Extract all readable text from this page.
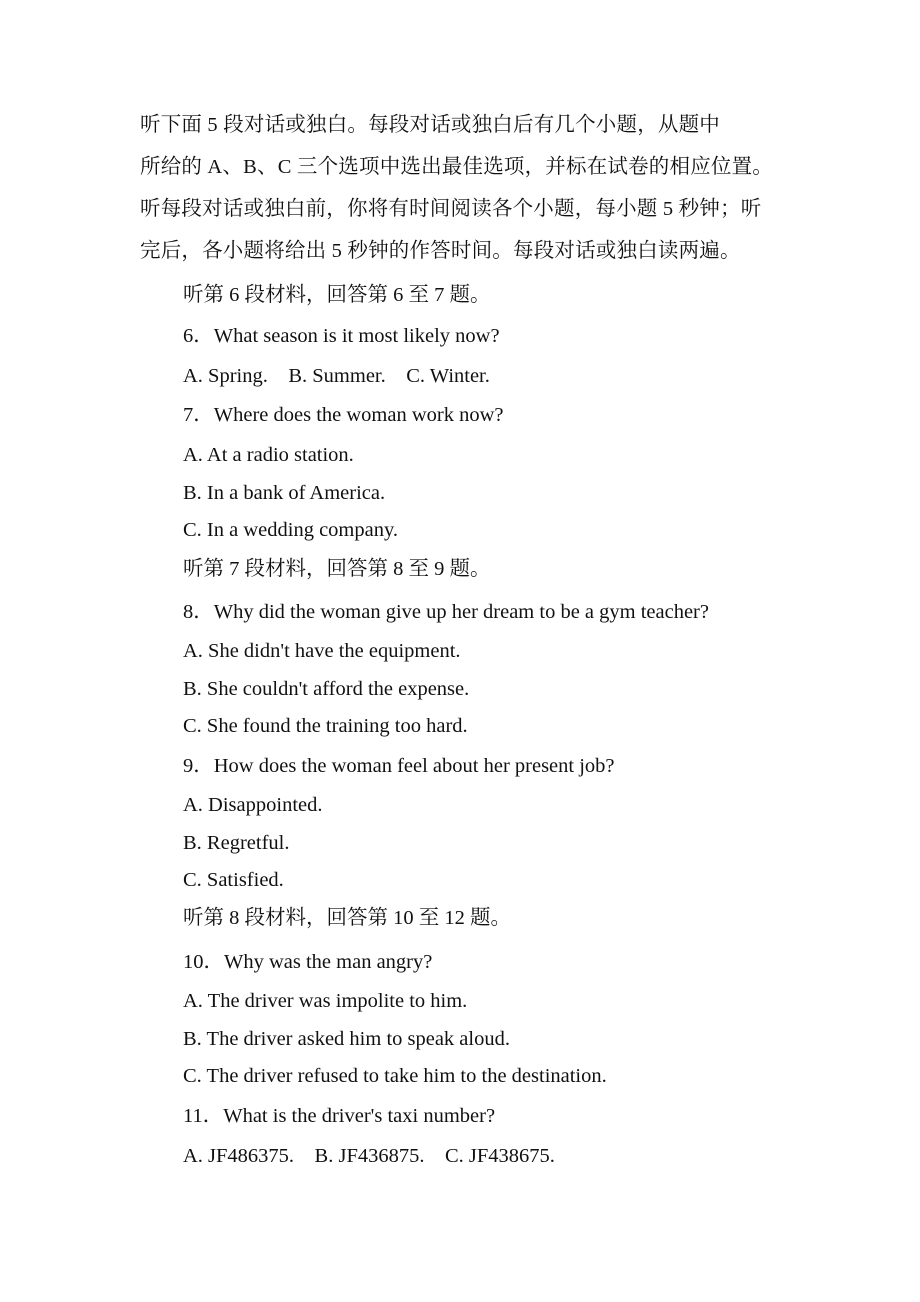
听下面 5 段对话或独白。每段对话或独白后有几个小题，从题中
所给的 A、B、C 三个选项中选出最佳选项，并标在试卷的相应位置。
听每段对话或独白前，你将有时间阅读各个小题，每小题 5 秒钟；听
完后，各小题将给出 5 秒钟的作答时间。每段对话或独白读两遍。
听第 6 段材料，回答第 6 至 7 题。
6．What season is it most likely now?
A. Spring.    B. Summer.    C. Winter.
7．Where does the woman work now?
A. At a radio station.
B. In a bank of America.
C. In a wedding company.
听第 7 段材料，回答第 8 至 9 题。
8．Why did the woman give up her dream to be a gym teacher?
A. She didn't have the equipment.
B. She couldn't afford the expense.
C. She found the training too hard.
9．How does the woman feel about her present job?
A. Disappointed.
B. Regretful.
C. Satisfied.
听第 8 段材料，回答第 10 至 12 题。
10．Why was the man angry?
A. The driver was impolite to him.
B. The driver asked him to speak aloud.
C. The driver refused to take him to the destination.
11．What is the driver's taxi number?
A. JF486375.    B. JF436875.    C. JF438675.
